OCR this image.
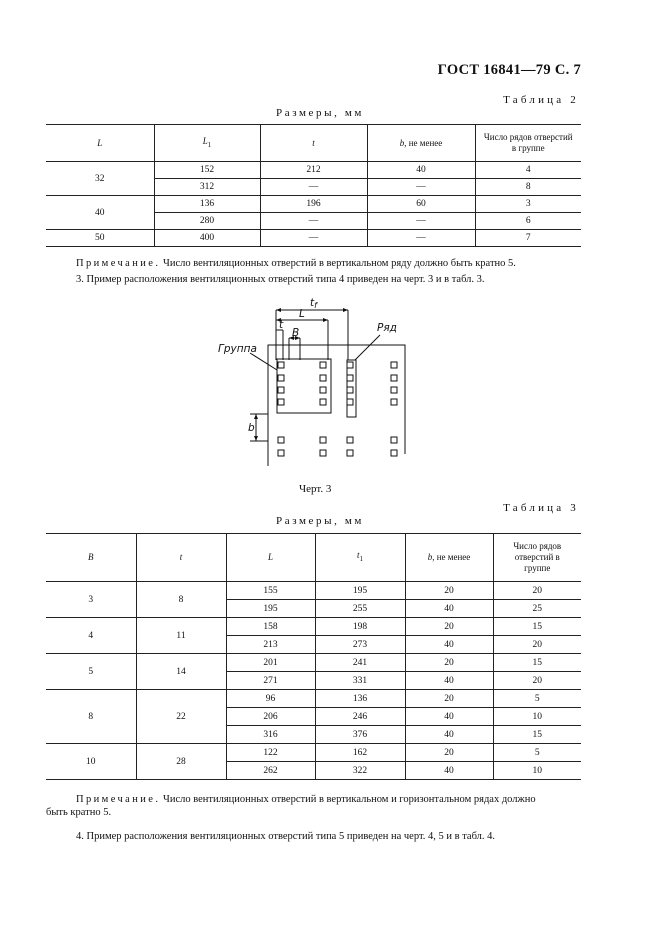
ГОСТ 16841—79 С. 7
Таблица 2
Размеры, мм
L	$L_1$	t	b, не менее	Число рядов отверстий в группе
32	152	212	40	4
	312	—	—	8
40	136	196	60	3
	280	—	—	6
50	400	—	—	7
Примечание. Число вентиляционных отверстий в вертикальном ряду должно быть кратно 5.
3. Пример расположения вентиляционных отверстий типа 4 приведен на черт. 3 и в табл. 3.
tf
L
t
B	Ряд
Группа
b
Черт. 3
Таблица 3
Размеры, мм
B	t	L	$t_1$	b, не менее	Число рядов отверстий в группе
3	8	155	195	20	20
		195	255	40	25
4	11	158	198	20	15
		213	273	40	20
5	14	201	241	20	15
		271	331	40	20
8	22	96	136	20	5
		206	246	40	10
		316	376	40	15
10	28	122	162	20	5
		262	322	40	10
Примечание. Число вентиляционных отверстий в вертикальном и горизонтальном рядах должно
быть кратно 5.
4. Пример расположения вентиляционных отверстий типа 5 приведен на черт. 4, 5 и в табл. 4.
